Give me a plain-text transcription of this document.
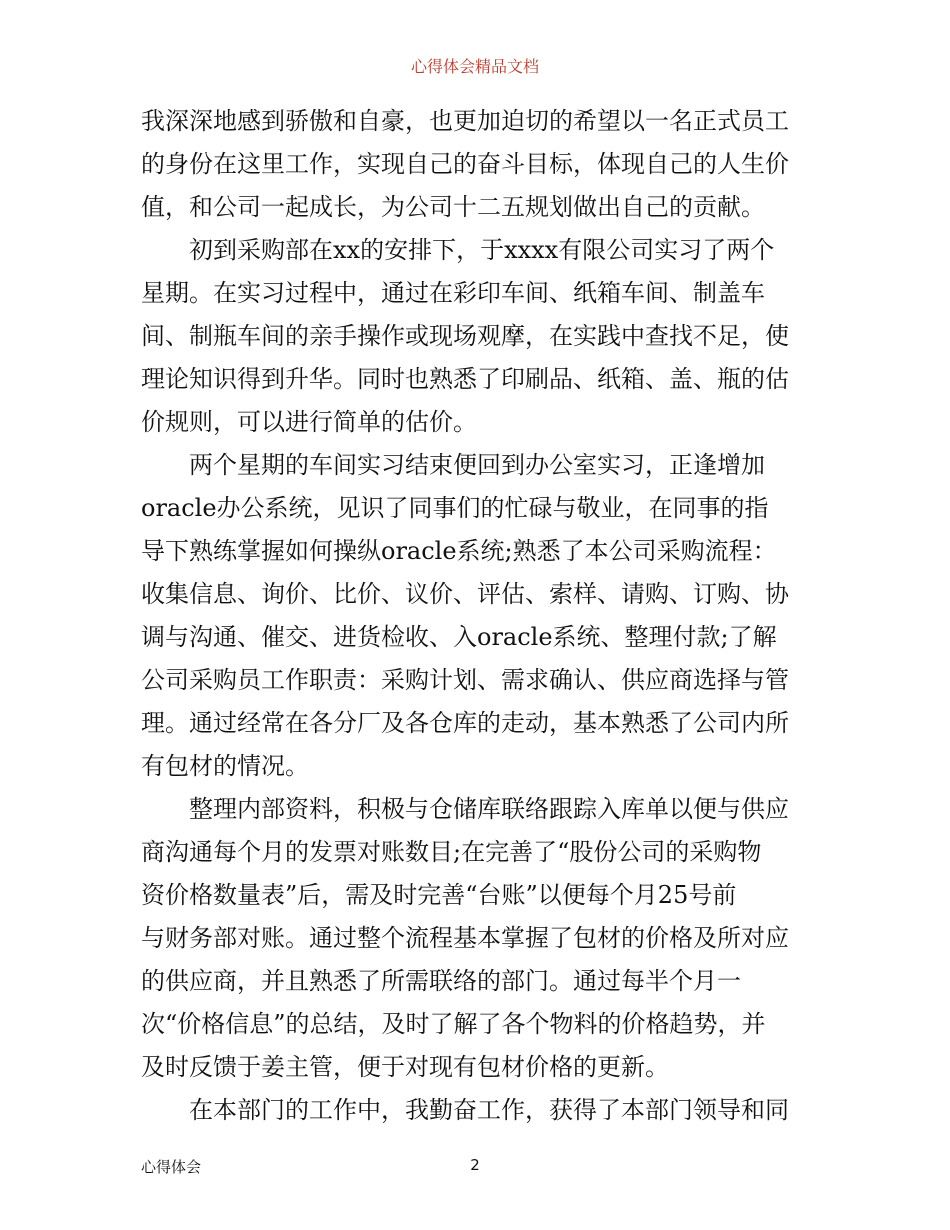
心得体会精品文档
我深深地感到骄傲和自豪，也更加迫切的希望以一名正式员工
的身份在这里工作，实现自己的奋斗目标，体现自己的人生价
值，和公司一起成长，为公司十二五规划做出自己的贡献。
初到采购部在xx的安排下，于xxxx有限公司实习了两个
星期。在实习过程中，通过在彩印车间、纸箱车间、制盖车
间、制瓶车间的亲手操作或现场观摩，在实践中查找不足，使
理论知识得到升华。同时也熟悉了印刷品、纸箱、盖、瓶的估
价规则，可以进行简单的估价。
两个星期的车间实习结束便回到办公室实习，正逢增加
oracle办公系统，见识了同事们的忙碌与敬业，在同事的指
导下熟练掌握如何操纵oracle系统;熟悉了本公司采购流程：
收集信息、询价、比价、议价、评估、索样、请购、订购、协
调与沟通、催交、进货检收、入oracle系统、整理付款;了解
公司采购员工作职责：采购计划、需求确认、供应商选择与管
理。通过经常在各分厂及各仓库的走动，基本熟悉了公司内所
有包材的情况。
整理内部资料，积极与仓储库联络跟踪入库单以便与供应
商沟通每个月的发票对账数目;在完善了“股份公司的采购物
资价格数量表”后，需及时完善“台账”以便每个月25号前
与财务部对账。通过整个流程基本掌握了包材的价格及所对应
的供应商，并且熟悉了所需联络的部门。通过每半个月一
次“价格信息”的总结，及时了解了各个物料的价格趋势，并
及时反馈于姜主管，便于对现有包材价格的更新。
在本部门的工作中，我勤奋工作，获得了本部门领导和同
心得体会	2
